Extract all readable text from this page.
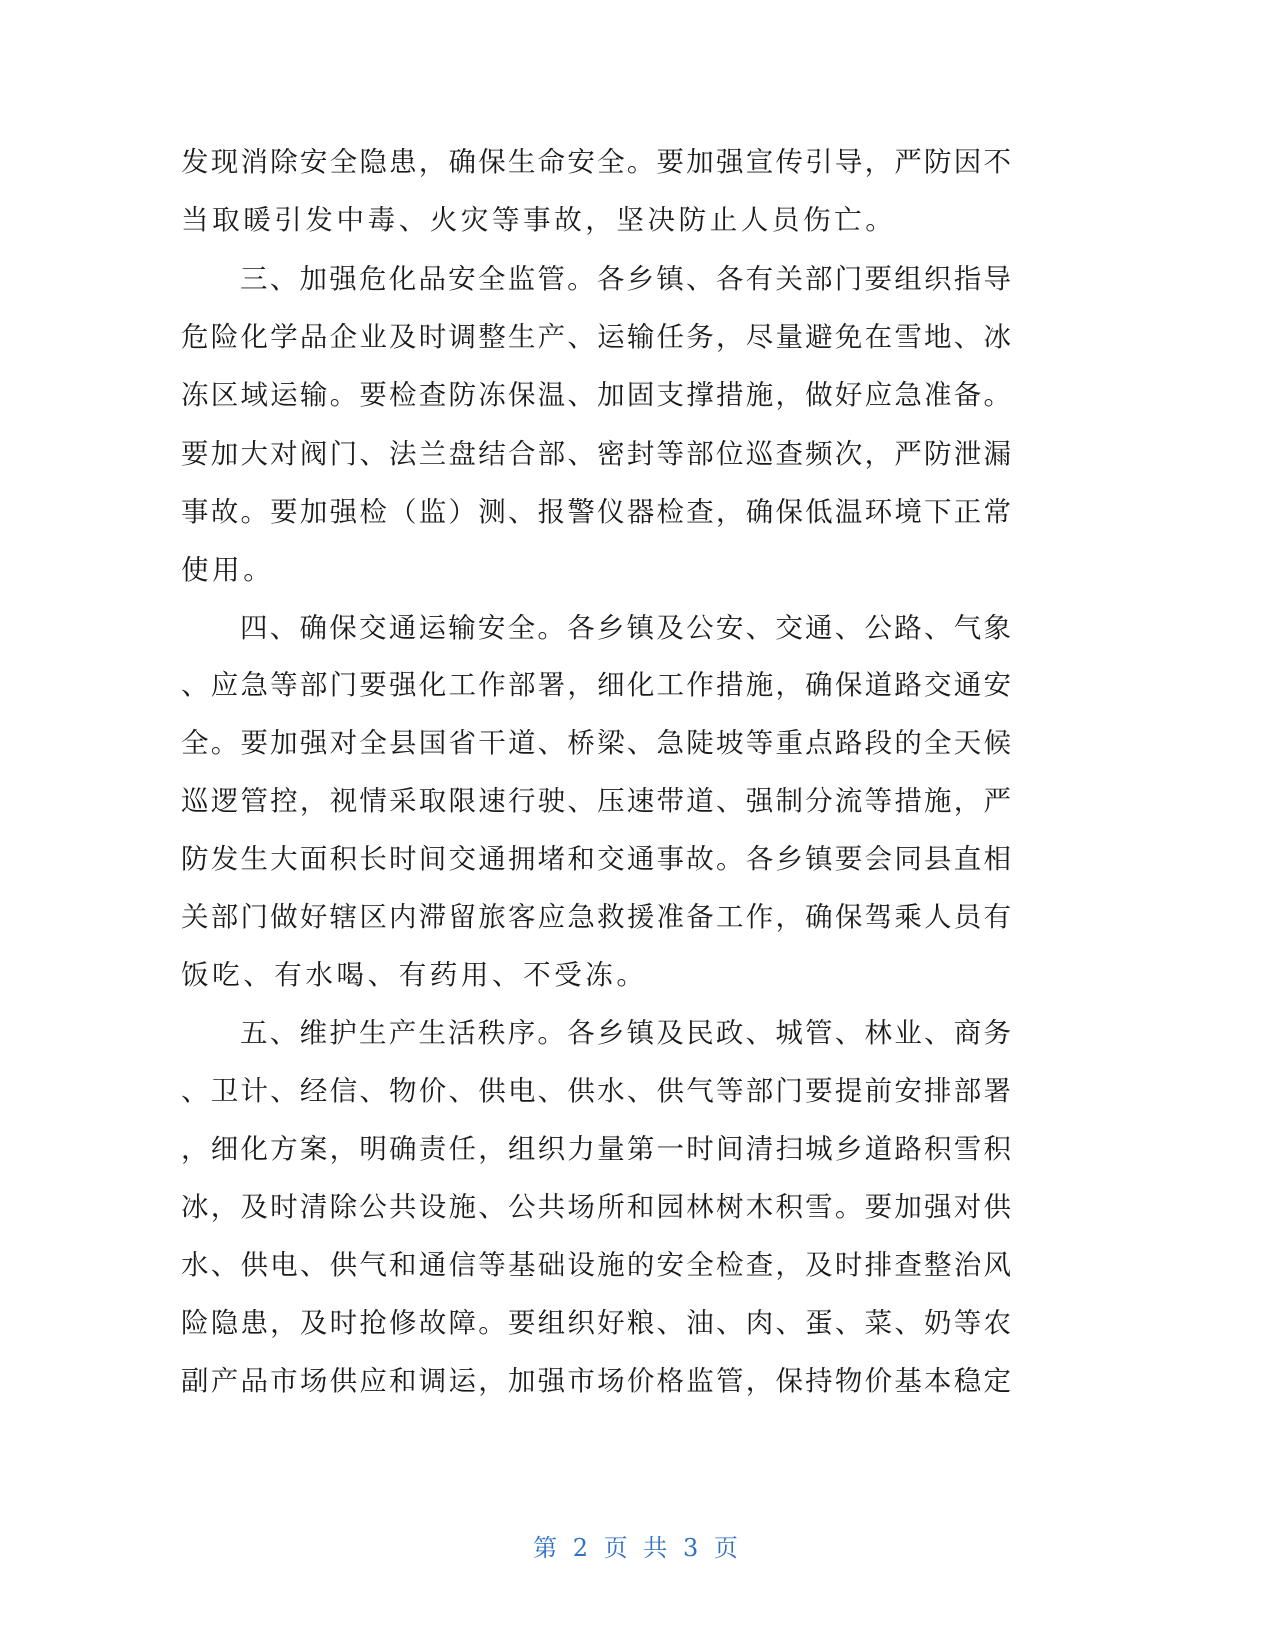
发现消除安全隐患，确保生命安全。要加强宣传引导，严防因不
当取暖引发中毒、火灾等事故，坚决防止人员伤亡。
三、加强危化品安全监管。各乡镇、各有关部门要组织指导
危险化学品企业及时调整生产、运输任务，尽量避免在雪地、冰
冻区域运输。要检查防冻保温、加固支撑措施，做好应急准备。
要加大对阀门、法兰盘结合部、密封等部位巡查频次，严防泄漏
事故。要加强检（监）测、报警仪器检查，确保低温环境下正常
使用。
四、确保交通运输安全。各乡镇及公安、交通、公路、气象
、应急等部门要强化工作部署，细化工作措施，确保道路交通安
全。要加强对全县国省干道、桥梁、急陡坡等重点路段的全天候
巡逻管控，视情采取限速行驶、压速带道、强制分流等措施，严
防发生大面积长时间交通拥堵和交通事故。各乡镇要会同县直相
关部门做好辖区内滞留旅客应急救援准备工作，确保驾乘人员有
饭吃、有水喝、有药用、不受冻。
五、维护生产生活秩序。各乡镇及民政、城管、林业、商务
、卫计、经信、物价、供电、供水、供气等部门要提前安排部署
，细化方案，明确责任，组织力量第一时间清扫城乡道路积雪积
冰，及时清除公共设施、公共场所和园林树木积雪。要加强对供
水、供电、供气和通信等基础设施的安全检查，及时排查整治风
险隐患，及时抢修故障。要组织好粮、油、肉、蛋、菜、奶等农
副产品市场供应和调运，加强市场价格监管，保持物价基本稳定
第 2 页 共 3 页
